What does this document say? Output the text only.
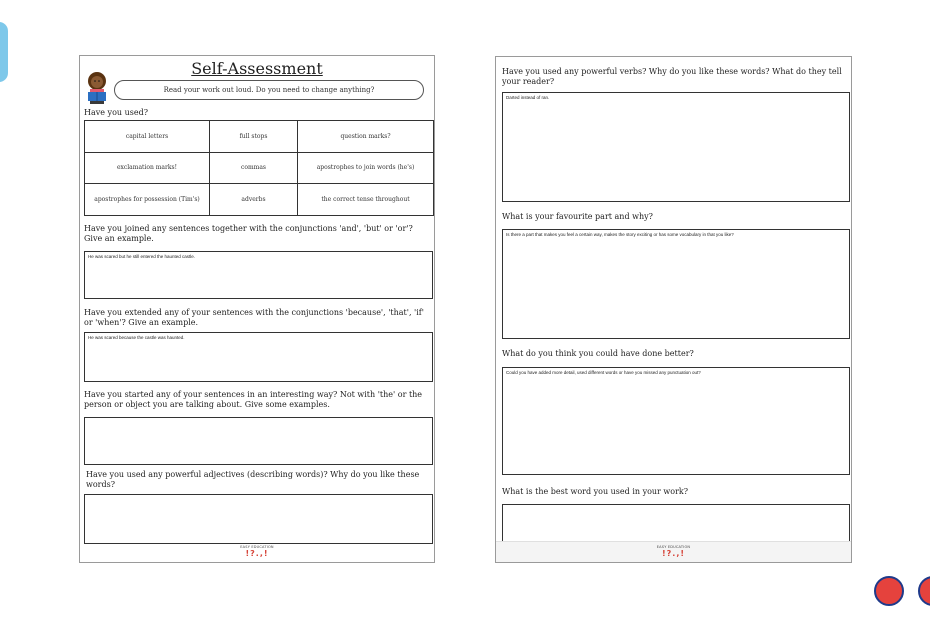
Self-Assessment
Read your work out loud. Do you need to change anything?
Have you used?
capital letters	full stops	question marks?
exclamation marks!	commas	apostrophes to join words (he's)
apostrophes for possession (Tim's)	adverbs	the correct tense throughout
Have you joined any sentences together with the conjunctions 'and', 'but' or 'or'? Give an example.
He was scared but he still entered the haunted castle.
Have you extended any of your sentences with the conjunctions 'because', 'that', 'if' or 'when'? Give an example.
He was scared because the castle was haunted.
Have you started any of your sentences in an interesting way? Not with 'the' or the person or object you are talking about. Give some examples.
Have you used any powerful adjectives (describing words)? Why do you like these words?
EASY EDUCATION
!?.,!
Have you used any powerful verbs? Why do you like these words? What do they tell your reader?
Darted instead of ran.
What is your favourite part and why?
Is there a part that makes you feel a certain way, makes the story exciting or has some vocabulary in that you like?
What do you think you could have done better?
Could you have added more detail, used different words or have you missed any punctuation out?
What is the best word you used in your work?
EASY EDUCATION
!?.,!
